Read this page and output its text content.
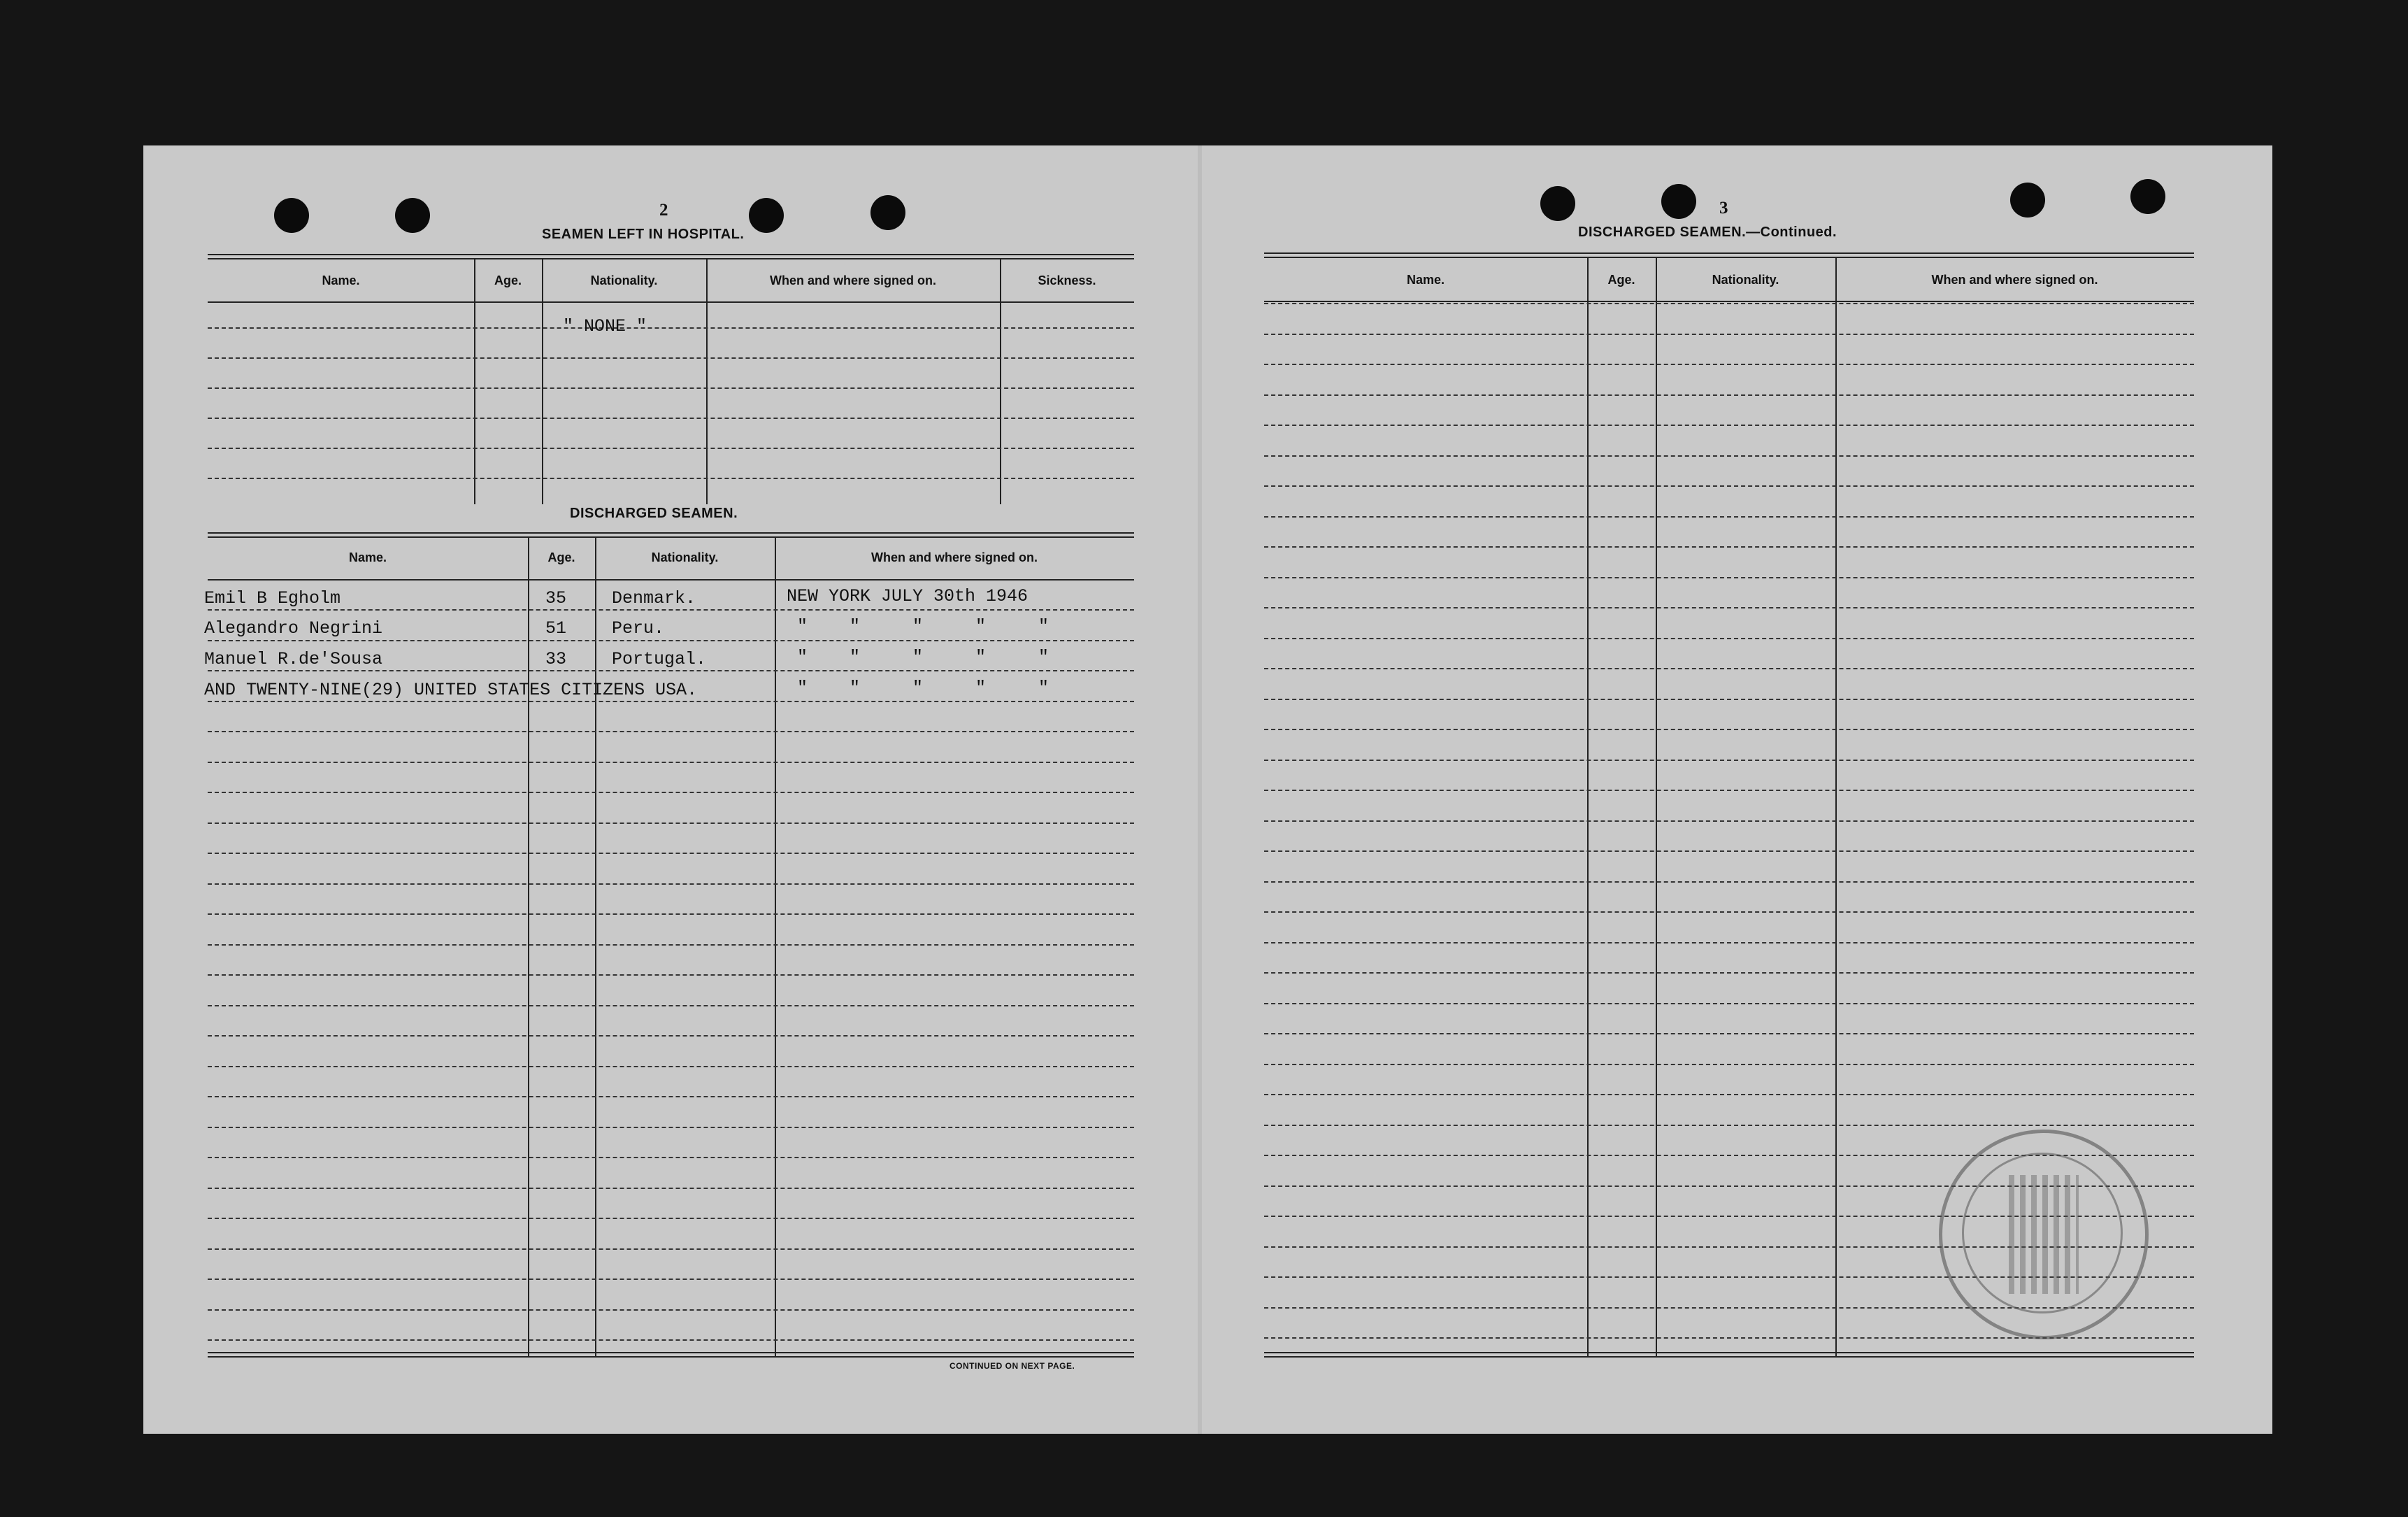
2
SEAMEN LEFT IN HOSPITAL.
Name.	Age.	Nationality.	When and where signed on.	Sickness.
" NONE "
DISCHARGED SEAMEN.
Name.	Age.	Nationality.	When and where signed on.
Emil B Egholm	35	Denmark.	NEW YORK JULY 30th 1946
Alegandro Negrini	51	Peru.	"    "     "     "     "
Manuel R.de'Sousa	33	Portugal.	"    "     "     "     "
AND TWENTY-NINE(29) UNITED STATES CITIZENS USA.	"    "     "     "     "
CONTINUED ON NEXT PAGE.
3
DISCHARGED SEAMEN.—Continued.
Name.	Age.	Nationality.	When and where signed on.
